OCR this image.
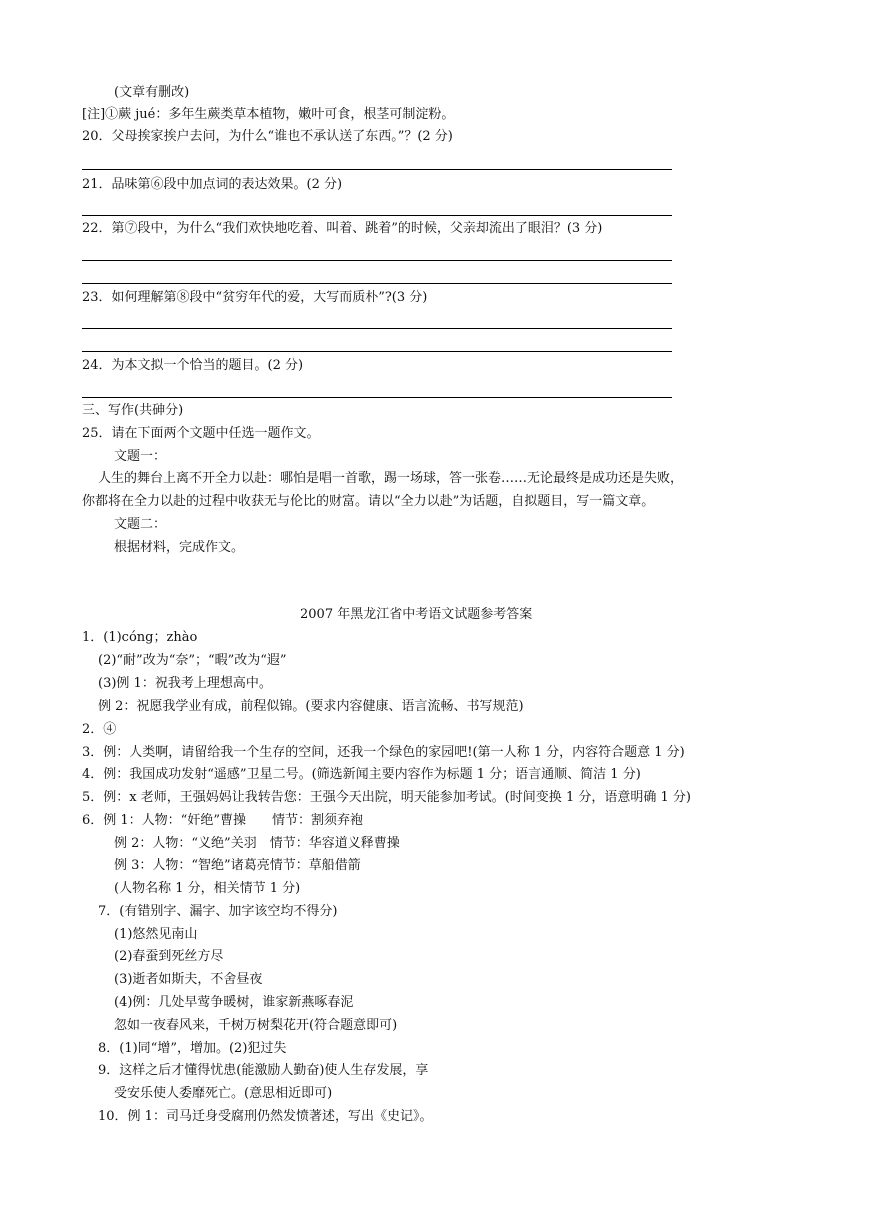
(文章有删改)
[注]①蕨 jué：多年生蕨类草本植物，嫩叶可食，根茎可制淀粉。
20．父母挨家挨户去问，为什么“谁也不承认送了东西。”？(2 分)
21．品味第⑥段中加点词的表达效果。(2 分)
22．第⑦段中，为什么“我们欢快地吃着、叫着、跳着”的时候，父亲却流出了眼泪？(3 分)
23．如何理解第⑧段中“贫穷年代的爱，大写而质朴”?(3 分)
24．为本文拟一个恰当的题目。(2 分)
三、写作(共砷分)
25．请在下面两个文题中任选一题作文。
文题一：
人生的舞台上离不开全力以赴：哪怕是唱一首歌，踢一场球，答一张卷……无论最终是成功还是失败，
你都将在全力以赴的过程中收获无与伦比的财富。请以“全力以赴”为话题，自拟题目，写一篇文章。
文题二：
根据材料，完成作文。
2007 年黑龙江省中考语文试题参考答案
1．(1)cóng；zhào
(2)“耐”改为“奈”；“暇”改为“遐”
(3)例 1：祝我考上理想高中。
例 2：祝愿我学业有成，前程似锦。(要求内容健康、语言流畅、书写规范)
2．④
3．例：人类啊，请留给我一个生存的空间，还我一个绿色的家园吧!(第一人称 1 分，内容符合题意 1 分)
4．例：我国成功发射“遥感”卫星二号。(筛选新闻主要内容作为标题 1 分；语言通顺、简洁 1 分)
5．例：x 老师，王强妈妈让我转告您：王强今天出院，明天能参加考试。(时间变换 1 分，语意明确 1 分)
6．例 1：人物：“奸绝”曹操　　情节：割须弃袍
例 2：人物：“义绝”关羽　情节：华容道义释曹操
例 3：人物：“智绝”诸葛亮情节：草船借箭
(人物名称 1 分，相关情节 1 分)
7．(有错别字、漏字、加字该空均不得分)
(1)悠然见南山
(2)春蚕到死丝方尽
(3)逝者如斯夫，不舍昼夜
(4)例：几处早莺争暖树，谁家新燕啄春泥
忽如一夜春风来，千树万树梨花开(符合题意即可)
8．(1)同“增”，增加。(2)犯过失
9．这样之后才懂得忧患(能激励人勤奋)使人生存发展，享
受安乐使人委靡死亡。(意思相近即可)
10．例 1：司马迁身受腐刑仍然发愤著述，写出《史记》。
